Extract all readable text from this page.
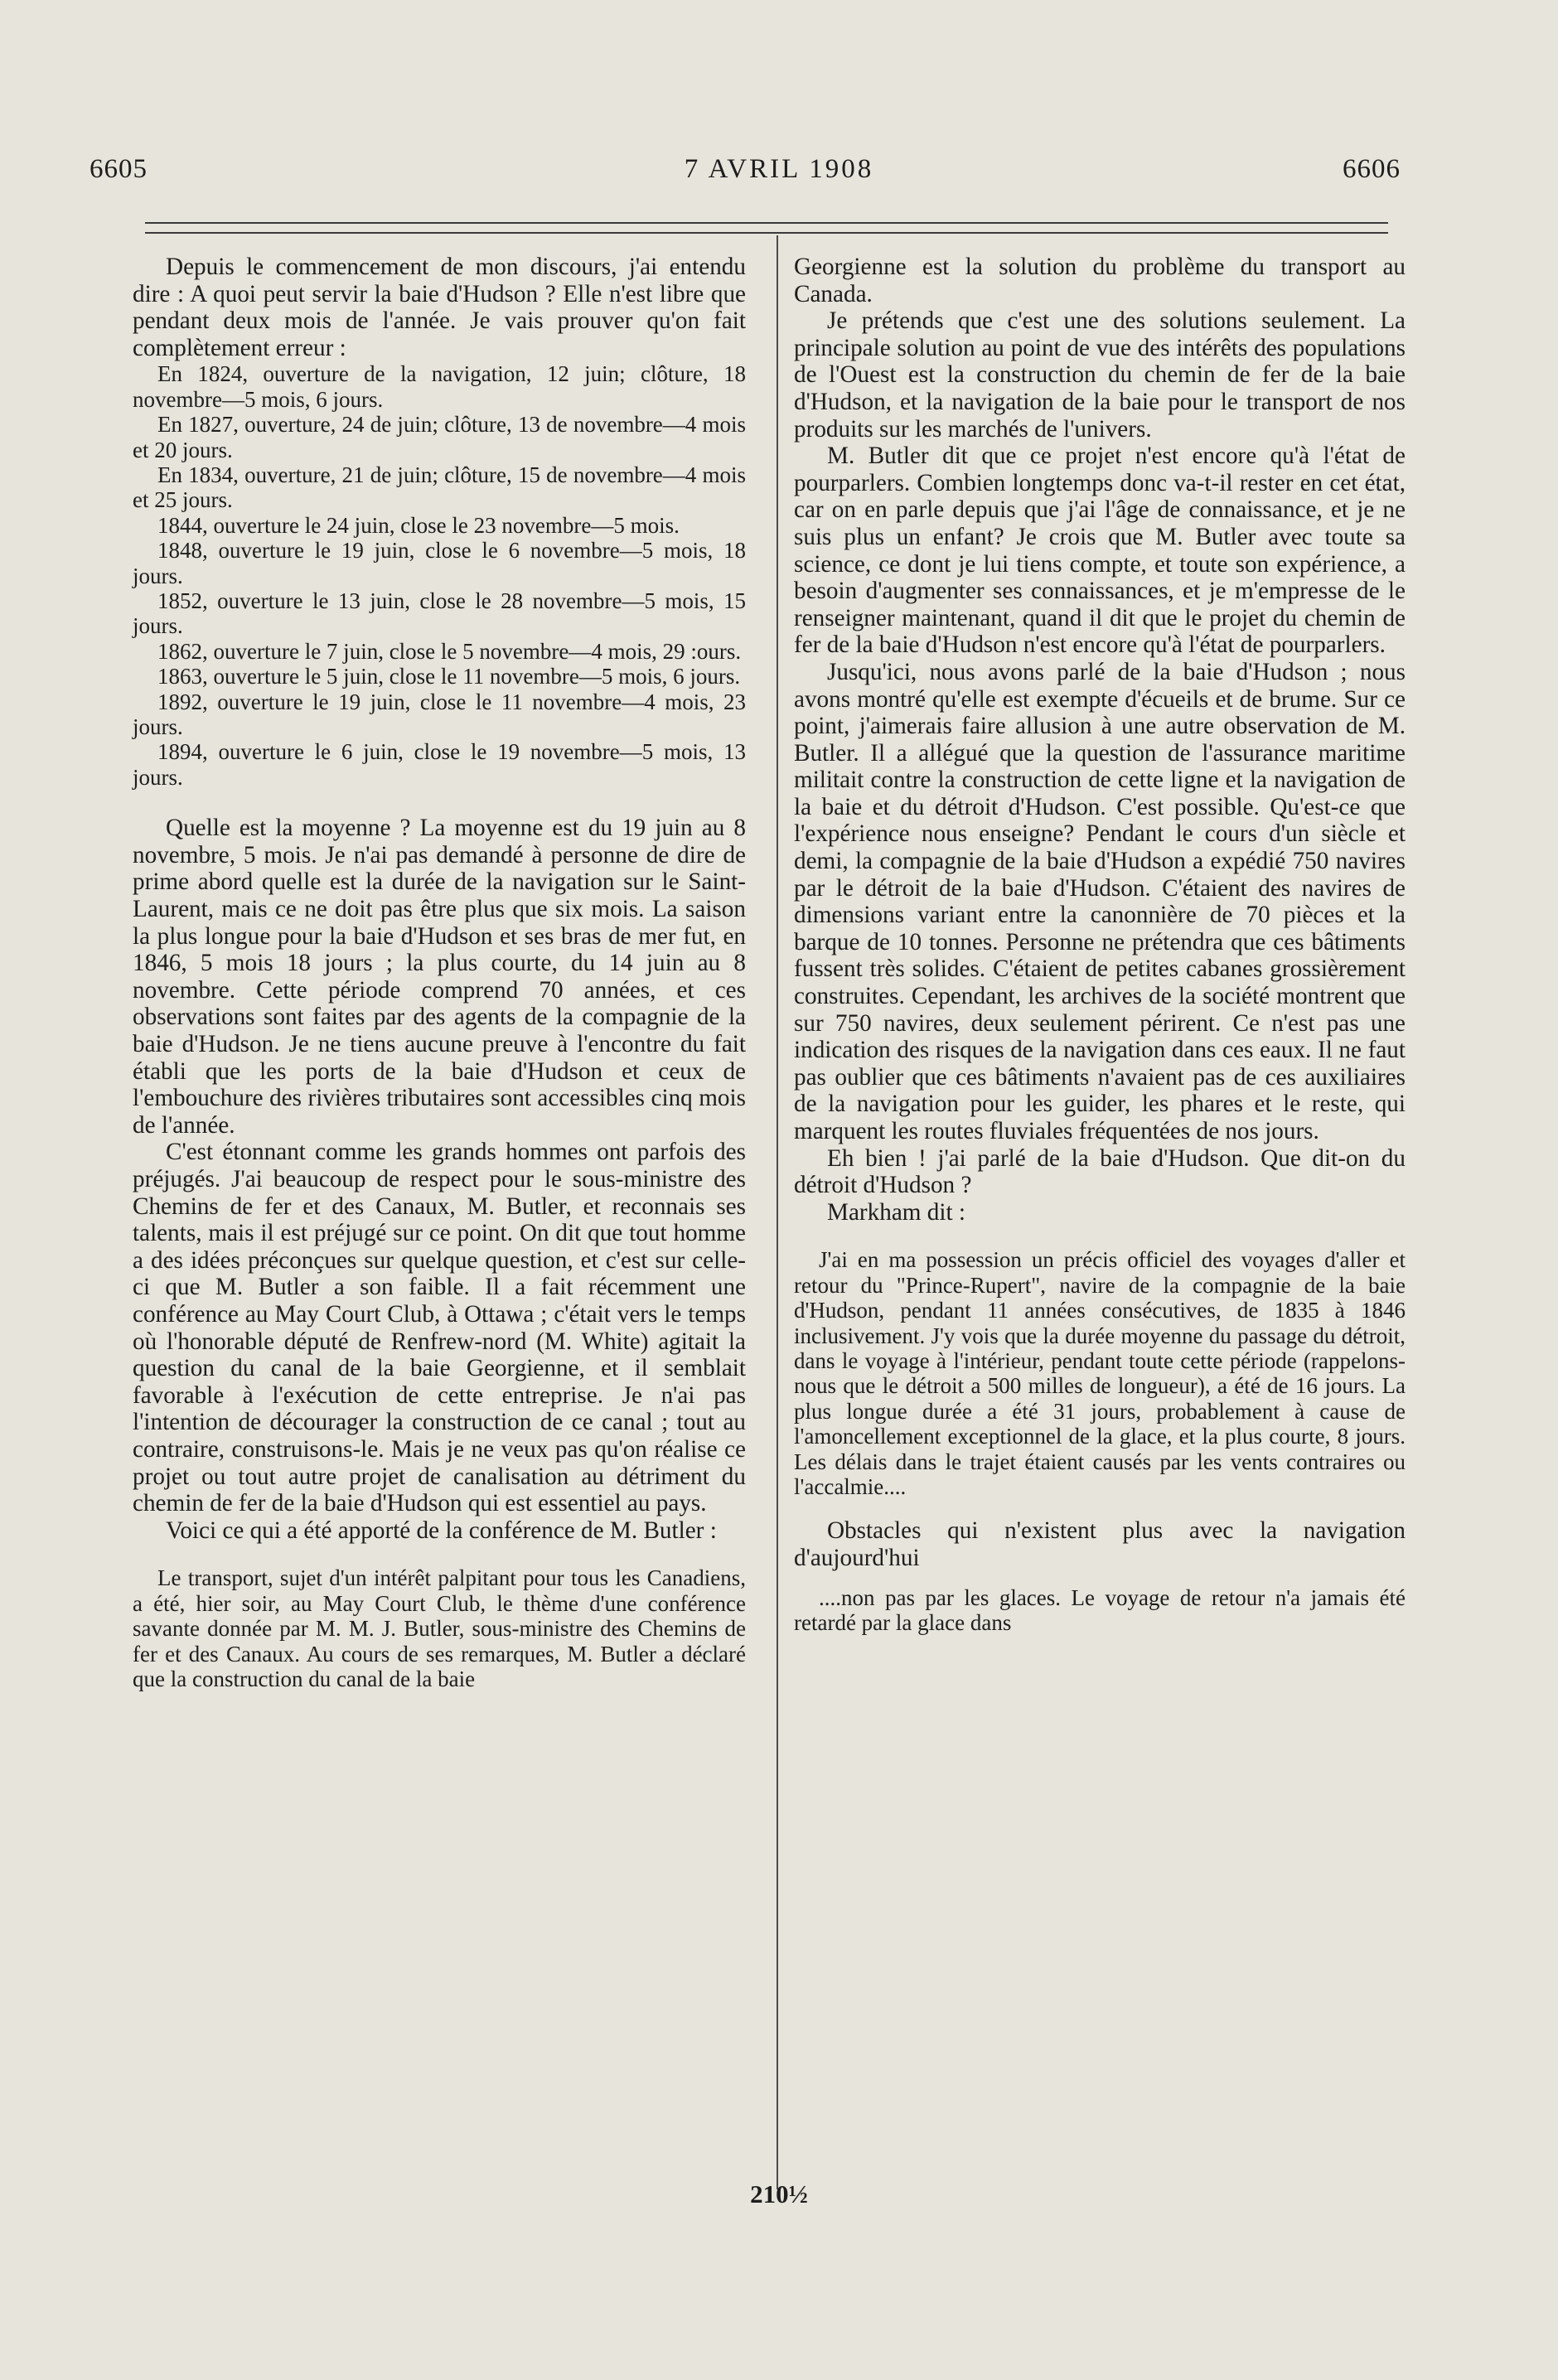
6605	7 AVRIL 1908	6606

Depuis le commencement de mon discours, j'ai entendu dire : A quoi peut servir la baie d'Hudson ? Elle n'est libre que pendant deux mois de l'année. Je vais prouver qu'on fait complètement erreur :

En 1824, ouverture de la navigation, 12 juin; clôture, 18 novembre—5 mois, 6 jours.

En 1827, ouverture, 24 de juin; clôture, 13 de novembre—4 mois et 20 jours.

En 1834, ouverture, 21 de juin; clôture, 15 de novembre—4 mois et 25 jours.

1844, ouverture le 24 juin, close le 23 novembre—5 mois.

1848, ouverture le 19 juin, close le 6 novembre—5 mois, 18 jours.

1852, ouverture le 13 juin, close le 28 novembre—5 mois, 15 jours.

1862, ouverture le 7 juin, close le 5 novembre—4 mois, 29 :ours.

1863, ouverture le 5 juin, close le 11 novembre—5 mois, 6 jours.

1892, ouverture le 19 juin, close le 11 novembre—4 mois, 23 jours.

1894, ouverture le 6 juin, close le 19 novembre—5 mois, 13 jours.

Quelle est la moyenne ? La moyenne est du 19 juin au 8 novembre, 5 mois. Je n'ai pas demandé à personne de dire de prime abord quelle est la durée de la navigation sur le Saint-Laurent, mais ce ne doit pas être plus que six mois. La saison la plus longue pour la baie d'Hudson et ses bras de mer fut, en 1846, 5 mois 18 jours ; la plus courte, du 14 juin au 8 novembre. Cette période comprend 70 années, et ces observations sont faites par des agents de la compagnie de la baie d'Hudson. Je ne tiens aucune preuve à l'encontre du fait établi que les ports de la baie d'Hudson et ceux de l'embouchure des rivières tributaires sont accessibles cinq mois de l'année.

C'est étonnant comme les grands hommes ont parfois des préjugés. J'ai beaucoup de respect pour le sous-ministre des Chemins de fer et des Canaux, M. Butler, et reconnais ses talents, mais il est préjugé sur ce point. On dit que tout homme a des idées préconçues sur quelque question, et c'est sur celle-ci que M. Butler a son faible. Il a fait récemment une conférence au May Court Club, à Ottawa ; c'était vers le temps où l'honorable député de Renfrew-nord (M. White) agitait la question du canal de la baie Georgienne, et il semblait favorable à l'exécution de cette entreprise. Je n'ai pas l'intention de décourager la construction de ce canal ; tout au contraire, construisons-le. Mais je ne veux pas qu'on réalise ce projet ou tout autre projet de canalisation au détriment du chemin de fer de la baie d'Hudson qui est essentiel au pays.

Voici ce qui a été apporté de la conférence de M. Butler :

Le transport, sujet d'un intérêt palpitant pour tous les Canadiens, a été, hier soir, au May Court Club, le thème d'une conférence savante donnée par M. M. J. Butler, sous-ministre des Chemins de fer et des Canaux. Au cours de ses remarques, M. Butler a déclaré que la construction du canal de la baie

Georgienne est la solution du problème du transport au Canada.

Je prétends que c'est une des solutions seulement. La principale solution au point de vue des intérêts des populations de l'Ouest est la construction du chemin de fer de la baie d'Hudson, et la navigation de la baie pour le transport de nos produits sur les marchés de l'univers.

M. Butler dit que ce projet n'est encore qu'à l'état de pourparlers. Combien longtemps donc va-t-il rester en cet état, car on en parle depuis que j'ai l'âge de connaissance, et je ne suis plus un enfant? Je crois que M. Butler avec toute sa science, ce dont je lui tiens compte, et toute son expérience, a besoin d'augmenter ses connaissances, et je m'empresse de le renseigner maintenant, quand il dit que le projet du chemin de fer de la baie d'Hudson n'est encore qu'à l'état de pourparlers.

Jusqu'ici, nous avons parlé de la baie d'Hudson ; nous avons montré qu'elle est exempte d'écueils et de brume. Sur ce point, j'aimerais faire allusion à une autre observation de M. Butler. Il a allégué que la question de l'assurance maritime militait contre la construction de cette ligne et la navigation de la baie et du détroit d'Hudson. C'est possible. Qu'est-ce que l'expérience nous enseigne? Pendant le cours d'un siècle et demi, la compagnie de la baie d'Hudson a expédié 750 navires par le détroit de la baie d'Hudson. C'étaient des navires de dimensions variant entre la canonnière de 70 pièces et la barque de 10 tonnes. Personne ne prétendra que ces bâtiments fussent très solides. C'étaient de petites cabanes grossièrement construites. Cependant, les archives de la société montrent que sur 750 navires, deux seulement périrent. Ce n'est pas une indication des risques de la navigation dans ces eaux. Il ne faut pas oublier que ces bâtiments n'avaient pas de ces auxiliaires de la navigation pour les guider, les phares et le reste, qui marquent les routes fluviales fréquentées de nos jours.

Eh bien ! j'ai parlé de la baie d'Hudson. Que dit-on du détroit d'Hudson ?

Markham dit :

J'ai en ma possession un précis officiel des voyages d'aller et retour du "Prince-Rupert", navire de la compagnie de la baie d'Hudson, pendant 11 années consécutives, de 1835 à 1846 inclusivement. J'y vois que la durée moyenne du passage du détroit, dans le voyage à l'intérieur, pendant toute cette période (rappelons-nous que le détroit a 500 milles de longueur), a été de 16 jours. La plus longue durée a été 31 jours, probablement à cause de l'amoncellement exceptionnel de la glace, et la plus courte, 8 jours. Les délais dans le trajet étaient causés par les vents contraires ou l'accalmie....

Obstacles qui n'existent plus avec la navigation d'aujourd'hui

....non pas par les glaces. Le voyage de retour n'a jamais été retardé par la glace dans

210½
